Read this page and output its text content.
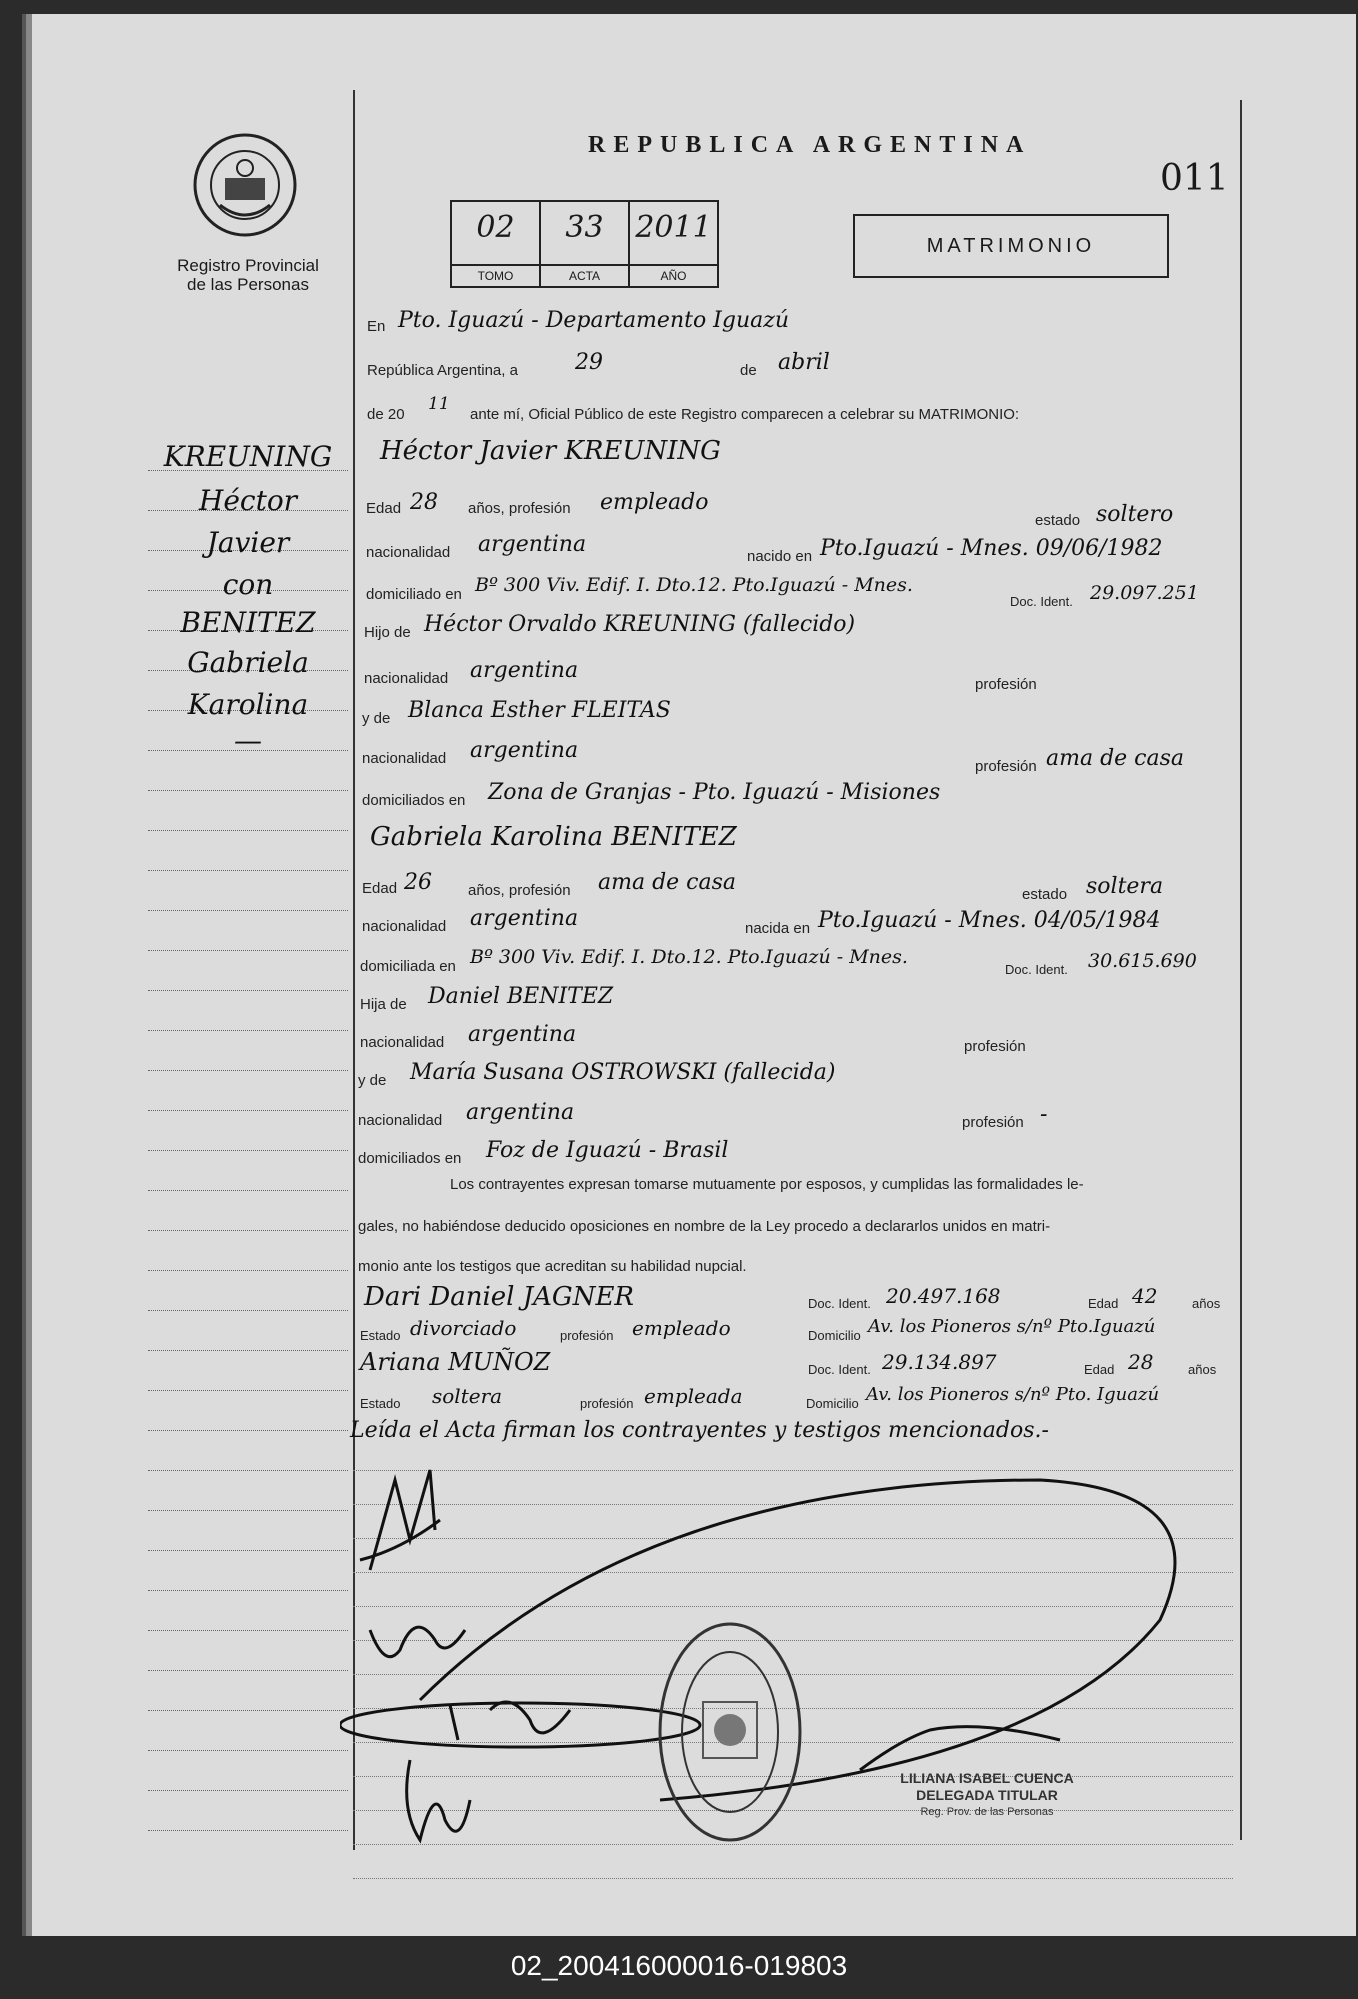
Registro Provincial
de las Personas
REPUBLICA ARGENTINA
011
02
TOMO
33
ACTA
2011
AÑO
MATRIMONIO
KREUNING
Héctor
Javier
con
BENITEZ
Gabriela
Karolina
—
En Pto. Iguazú - Departamento Iguazú
República Argentina, a	29	de abril
de 20
11
ante mí, Oficial Público de este Registro comparecen a celebrar su MATRIMONIO:
Héctor Javier KREUNING
Edad 28 años, profesión empleado
estado soltero
nacionalidad argentina	nacido en Pto.Iguazú - Mnes. 09/06/1982
domiciliado en Bº 300 Viv. Edif. I. Dto.12. Pto.Iguazú - Mnes.
Doc. Ident. 29.097.251
Hijo de Héctor Orvaldo KREUNING (fallecido)
nacionalidad argentina
profesión
y de Blanca Esther FLEITAS
nacionalidad argentina
profesión ama de casa
domiciliados en Zona de Granjas - Pto. Iguazú - Misiones
Gabriela Karolina BENITEZ
Edad 26 años, profesión ama de casa	estado soltera
nacionalidad argentina	nacida en Pto.Iguazú - Mnes. 04/05/1984
domiciliada en Bº 300 Viv. Edif. I. Dto.12. Pto.Iguazú - Mnes.
Doc. Ident. 30.615.690
Hija de Daniel BENITEZ
nacionalidad argentina	profesión
y de María Susana OSTROWSKI (fallecida)
nacionalidad argentina	profesión -
domiciliados en Foz de Iguazú - Brasil
Los contrayentes expresan tomarse mutuamente por esposos, y cumplidas las formalidades le-
gales, no habiéndose deducido oposiciones en nombre de la Ley procedo a declararlos unidos en matri-
monio ante los testigos que acreditan su habilidad nupcial.
Dari Daniel JAGNER	Doc. Ident. 20.497.168	Edad 42	años
Estado divorciado	profesión empleado	Domicilio Av. los Pioneros s/nº Pto.Iguazú
Ariana MUÑOZ	Doc. Ident. 29.134.897	Edad 28	años
Estado soltera	profesión empleada	Domicilio Av. los Pioneros s/nº Pto. Iguazú
Leída el Acta firman los contrayentes y testigos mencionados.-
LILIANA ISABEL CUENCA
DELEGADA TITULAR
Reg. Prov. de las Personas
02_200416000016-019803
